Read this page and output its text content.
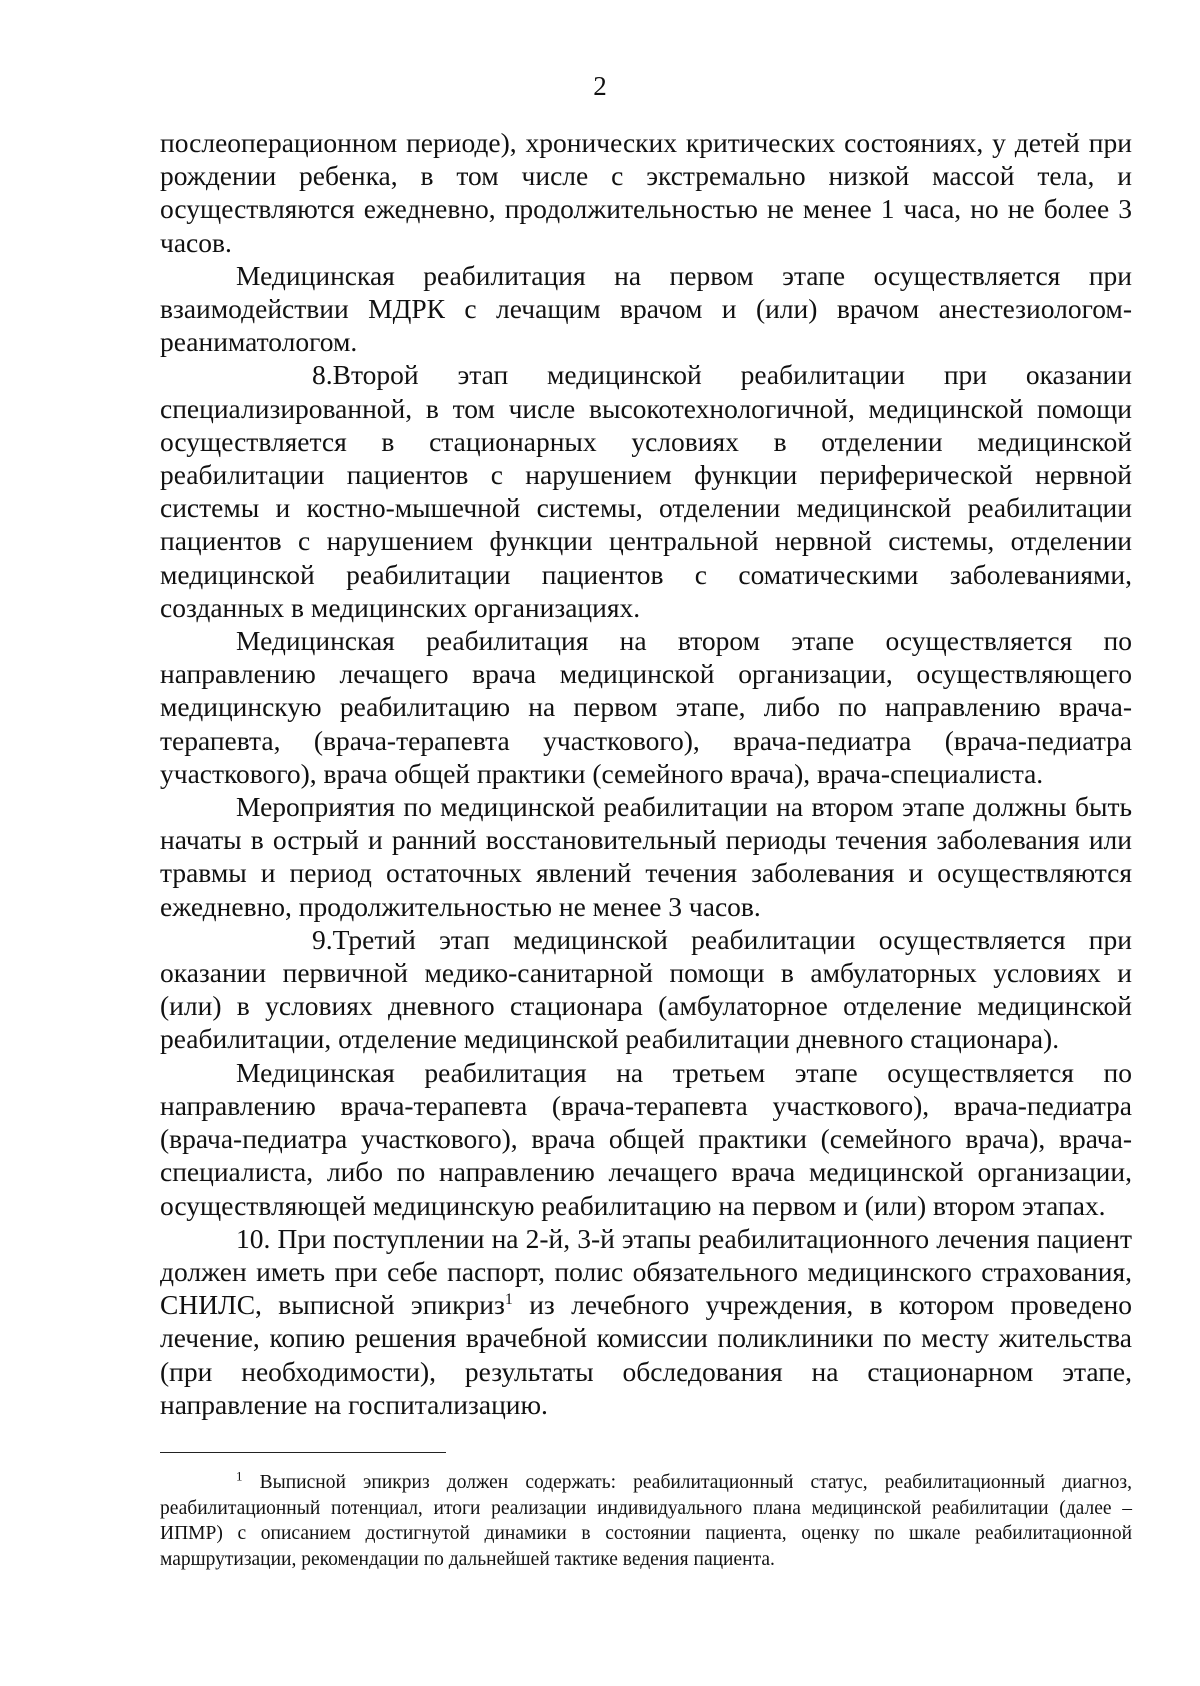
2

послеоперационном периоде), хронических критических состояниях, у детей при рождении ребенка, в том числе с экстремально низкой массой тела, и осуществляются ежедневно, продолжительностью не менее 1 часа, но не более 3 часов.

Медицинская реабилитация на первом этапе осуществляется при взаимодействии МДРК с лечащим врачом и (или) врачом анестезиологом-реаниматологом.

8.Второй этап медицинской реабилитации при оказании специализированной, в том числе высокотехнологичной, медицинской помощи осуществляется в стационарных условиях в отделении медицинской реабилитации пациентов с нарушением функции периферической нервной системы и костно-мышечной системы, отделении медицинской реабилитации пациентов с нарушением функции центральной нервной системы, отделении медицинской реабилитации пациентов с соматическими заболеваниями, созданных в медицинских организациях.

Медицинская реабилитация на втором этапе осуществляется по направлению лечащего врача медицинской организации, осуществляющего медицинскую реабилитацию на первом этапе, либо по направлению врача-терапевта, (врача-терапевта участкового), врача-педиатра (врача-педиатра участкового), врача общей практики (семейного врача), врача-специалиста.

Мероприятия по медицинской реабилитации на втором этапе должны быть начаты в острый и ранний восстановительный периоды течения заболевания или травмы и период остаточных явлений течения заболевания и осуществляются ежедневно, продолжительностью не менее 3 часов.

9.Третий этап медицинской реабилитации осуществляется при оказании первичной медико-санитарной помощи в амбулаторных условиях и (или) в условиях дневного стационара (амбулаторное отделение медицинской реабилитации, отделение медицинской реабилитации дневного стационара).

Медицинская реабилитация на третьем этапе осуществляется по направлению врача-терапевта (врача-терапевта участкового), врача-педиатра (врача-педиатра участкового), врача общей практики (семейного врача), врача-специалиста, либо по направлению лечащего врача медицинской организации, осуществляющей медицинскую реабилитацию на первом и (или) втором этапах.

10. При поступлении на 2-й, 3-й этапы реабилитационного лечения пациент должен иметь при себе паспорт, полис обязательного медицинского страхования, СНИЛС, выписной эпикриз$^1$ из лечебного учреждения, в котором проведено лечение, копию решения врачебной комиссии поликлиники по месту жительства (при необходимости), результаты обследования на стационарном этапе, направление на госпитализацию.

$^1$ Выписной эпикриз должен содержать: реабилитационный статус, реабилитационный диагноз, реабилитационный потенциал, итоги реализации индивидуального плана медицинской реабилитации (далее – ИПМР) с описанием достигнутой динамики в состоянии пациента, оценку по шкале реабилитационной маршрутизации, рекомендации по дальнейшей тактике ведения пациента.
